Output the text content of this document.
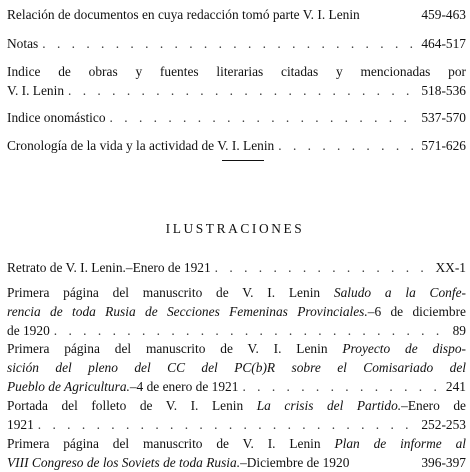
Relación de documentos en cuya redacción tomó parte V. I. Lenin	459-463
Notas . . .	464-517
Indice de obras y fuentes literarias citadas y mencionadas por
V. I. Lenin . . .	518-536
Indice onomástico . . .	537-570
Cronología de la vida y la actividad de V. I. Lenin . . .	571-626
ILUSTRACIONES
Retrato de V. I. Lenin.–Enero de 1921 . . .	XX-1
Primera página del manuscrito de V. I. Lenin Saludo a la Confe-
rencia de toda Rusia de Secciones Femeninas Provinciales.–6 de diciembre
de 1920 . . .	89
Primera página del manuscrito de V. I. Lenin Proyecto de dispo-
sición del pleno del CC del PC(b)R sobre el Comisariado del
Pueblo de Agricultura.–4 de enero de 1921 . . .	241
Portada del folleto de V. I. Lenin La crisis del Partido.–Enero de
1921 . . .	252-253
Primera página del manuscrito de V. I. Lenin Plan de informe al
VIII Congreso de los Soviets de toda Rusia.–Diciembre de 1920	396-397
